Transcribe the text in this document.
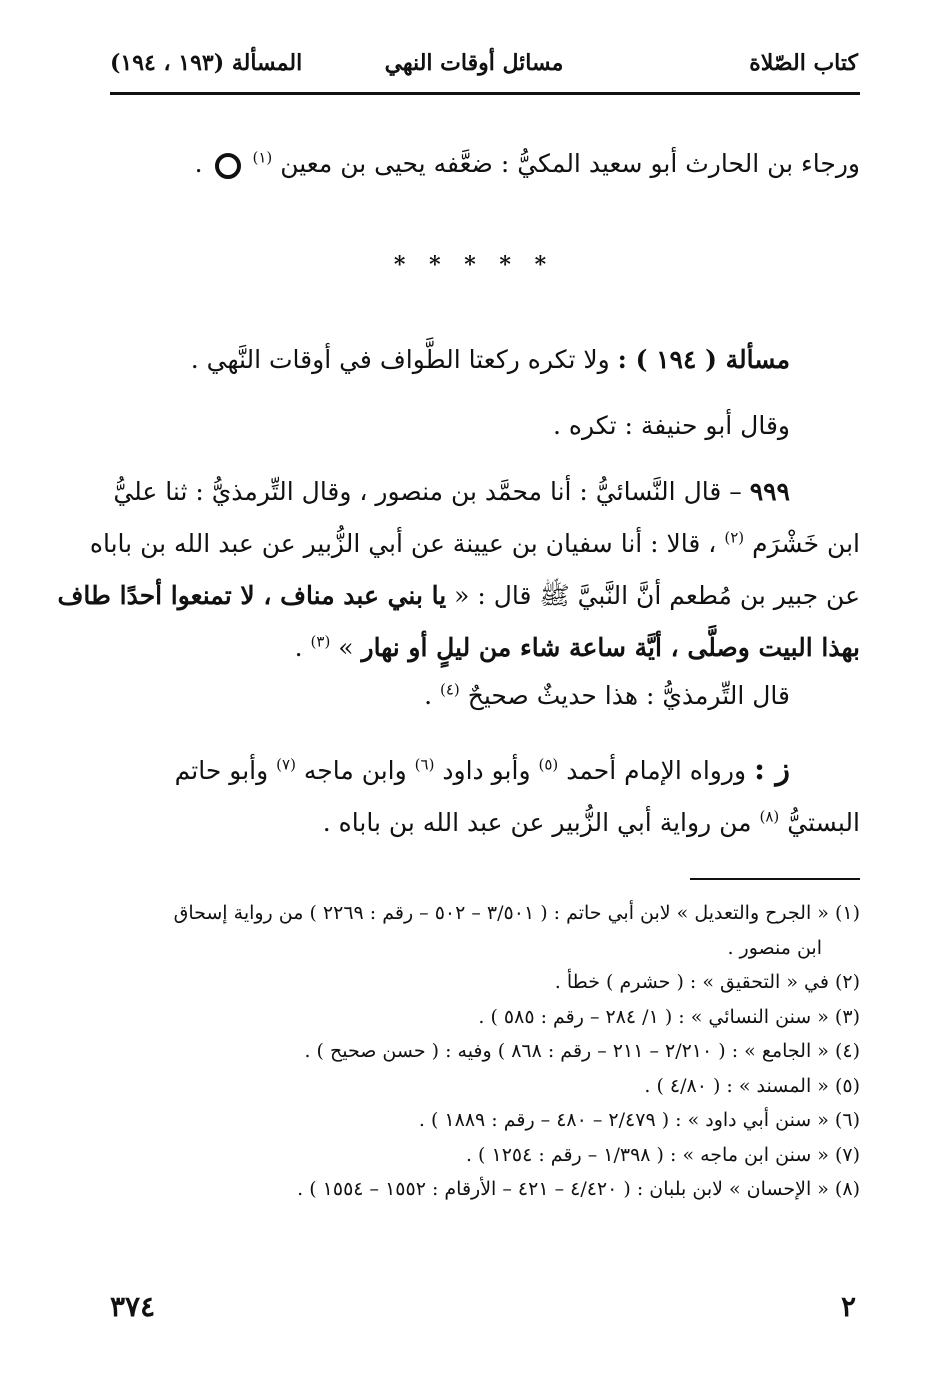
كتاب الصّلاة
مسائل أوقات النهي
المسألة (١٩٣ ، ١٩٤)
ورجاء بن الحارث أبو سعيد المكيُّ : ضعَّفه يحيى بن معين $^{(١)}$  .
* * * * *
مسألة ( ١٩٤ ) : ولا تكره ركعتا الطَّواف في أوقات النَّهي .
وقال أبو حنيفة : تكره .
٩٩٩ – قال النَّسائيُّ : أنا محمَّد بن منصور ، وقال التِّرمذيُّ : ثنا عليُّ
ابن خَشْرَم $^{(٢)}$ ، قالا : أنا سفيان بن عيينة عن أبي الزُّبير عن عبد الله بن باباه
عن جبير بن مُطعم أنَّ النَّبيَّ ﷺ قال : « يا بني عبد مناف ، لا تمنعوا أحدًا طاف
بهذا البيت وصلَّى ، أيَّة ساعة شاء من ليلٍ أو نهار » $^{(٣)}$ .
قال التِّرمذيُّ : هذا حديثٌ صحيحٌ $^{(٤)}$ .
ز : ورواه الإمام أحمد $^{(٥)}$ وأبو داود $^{(٦)}$ وابن ماجه $^{(٧)}$ وأبو حاتم
البستيُّ $^{(٨)}$ من رواية أبي الزُّبير عن عبد الله بن باباه .
(١) « الجرح والتعديل » لابن أبي حاتم : ( ٣/٥٠١ – ٥٠٢ – رقم : ٢٢٦٩ ) من رواية إسحاق
ابن منصور .
(٢) في « التحقيق » : ( حشرم ) خطأ .
(٣) « سنن النسائي » : ( ١/ ٢٨٤ – رقم : ٥٨٥ ) .
(٤) « الجامع » : ( ٢/٢١٠ – ٢١١ – رقم : ٨٦٨ ) وفيه : ( حسن صحيح ) .
(٥) « المسند » : ( ٤/٨٠ ) .
(٦) « سنن أبي داود » : ( ٢/٤٧٩ – ٤٨٠ – رقم : ١٨٨٩ ) .
(٧) « سنن ابن ماجه » : ( ١/٣٩٨ – رقم : ١٢٥٤ ) .
(٨) « الإحسان » لابن بلبان : ( ٤/٤٢٠ – ٤٢١ – الأرقام : ١٥٥٢ – ١٥٥٤ ) .
٢
٣٧٤
